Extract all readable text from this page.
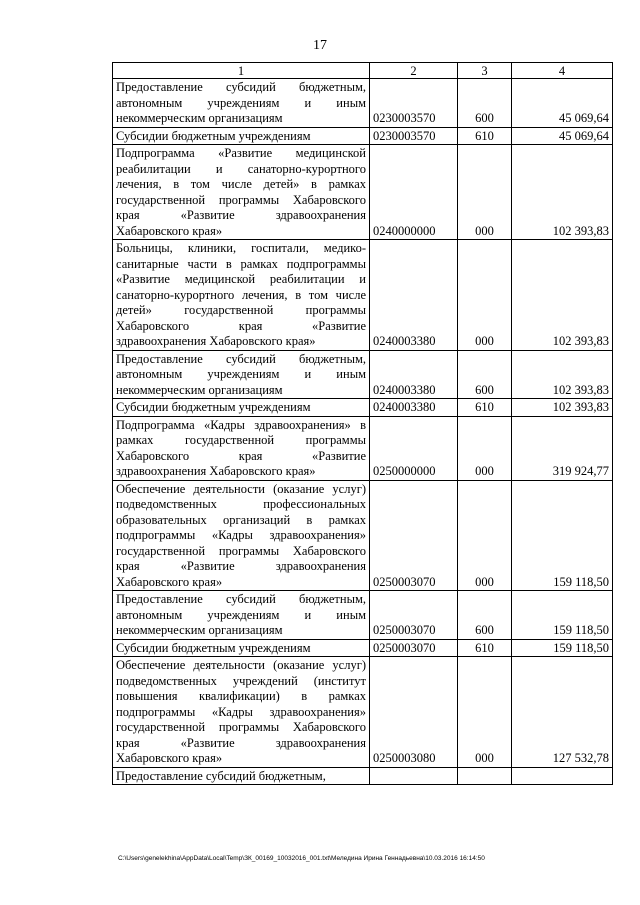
17
1	2	3	4
Предоставление субсидий бюджетным, автономным учреждениям и иным некоммерческим организациям	0230003570	600	45 069,64
Субсидии бюджетным учреждениям	0230003570	610	45 069,64
Подпрограмма «Развитие медицинской реабилитации и санаторно-курортного лечения, в том числе детей» в рамках государственной программы Хабаровского края «Развитие здравоохранения Хабаровского края»	0240000000	000	102 393,83
Больницы, клиники, госпитали, медико-санитарные части в рамках подпрограммы «Развитие медицинской реабилитации и санаторно-курортного лечения, в том числе детей» государственной программы Хабаровского края «Развитие здравоохранения Хабаровского края»	0240003380	000	102 393,83
Предоставление субсидий бюджетным, автономным учреждениям и иным некоммерческим организациям	0240003380	600	102 393,83
Субсидии бюджетным учреждениям	0240003380	610	102 393,83
Подпрограмма «Кадры здравоохранения» в рамках государственной программы Хабаровского края «Развитие здравоохранения Хабаровского края»	0250000000	000	319 924,77
Обеспечение деятельности (оказание услуг) подведомственных профессиональных образовательных организаций в рамках подпрограммы «Кадры здравоохранения» государственной программы Хабаровского края «Развитие здравоохранения Хабаровского края»	0250003070	000	159 118,50
Предоставление субсидий бюджетным, автономным учреждениям и иным некоммерческим организациям	0250003070	600	159 118,50
Субсидии бюджетным учреждениям	0250003070	610	159 118,50
Обеспечение деятельности (оказание услуг) подведомственных учреждений (институт повышения квалификации) в рамках подпрограммы «Кадры здравоохранения» государственной программы Хабаровского края «Развитие здравоохранения Хабаровского края»	0250003080	000	127 532,78
Предоставление субсидий бюджетным,			
C:\Users\genelekhina\AppData\Local\Temp\ЗК_00169_10032016_001.txt\Меледина Ирина Геннадьевна\10.03.2016 16:14:50
